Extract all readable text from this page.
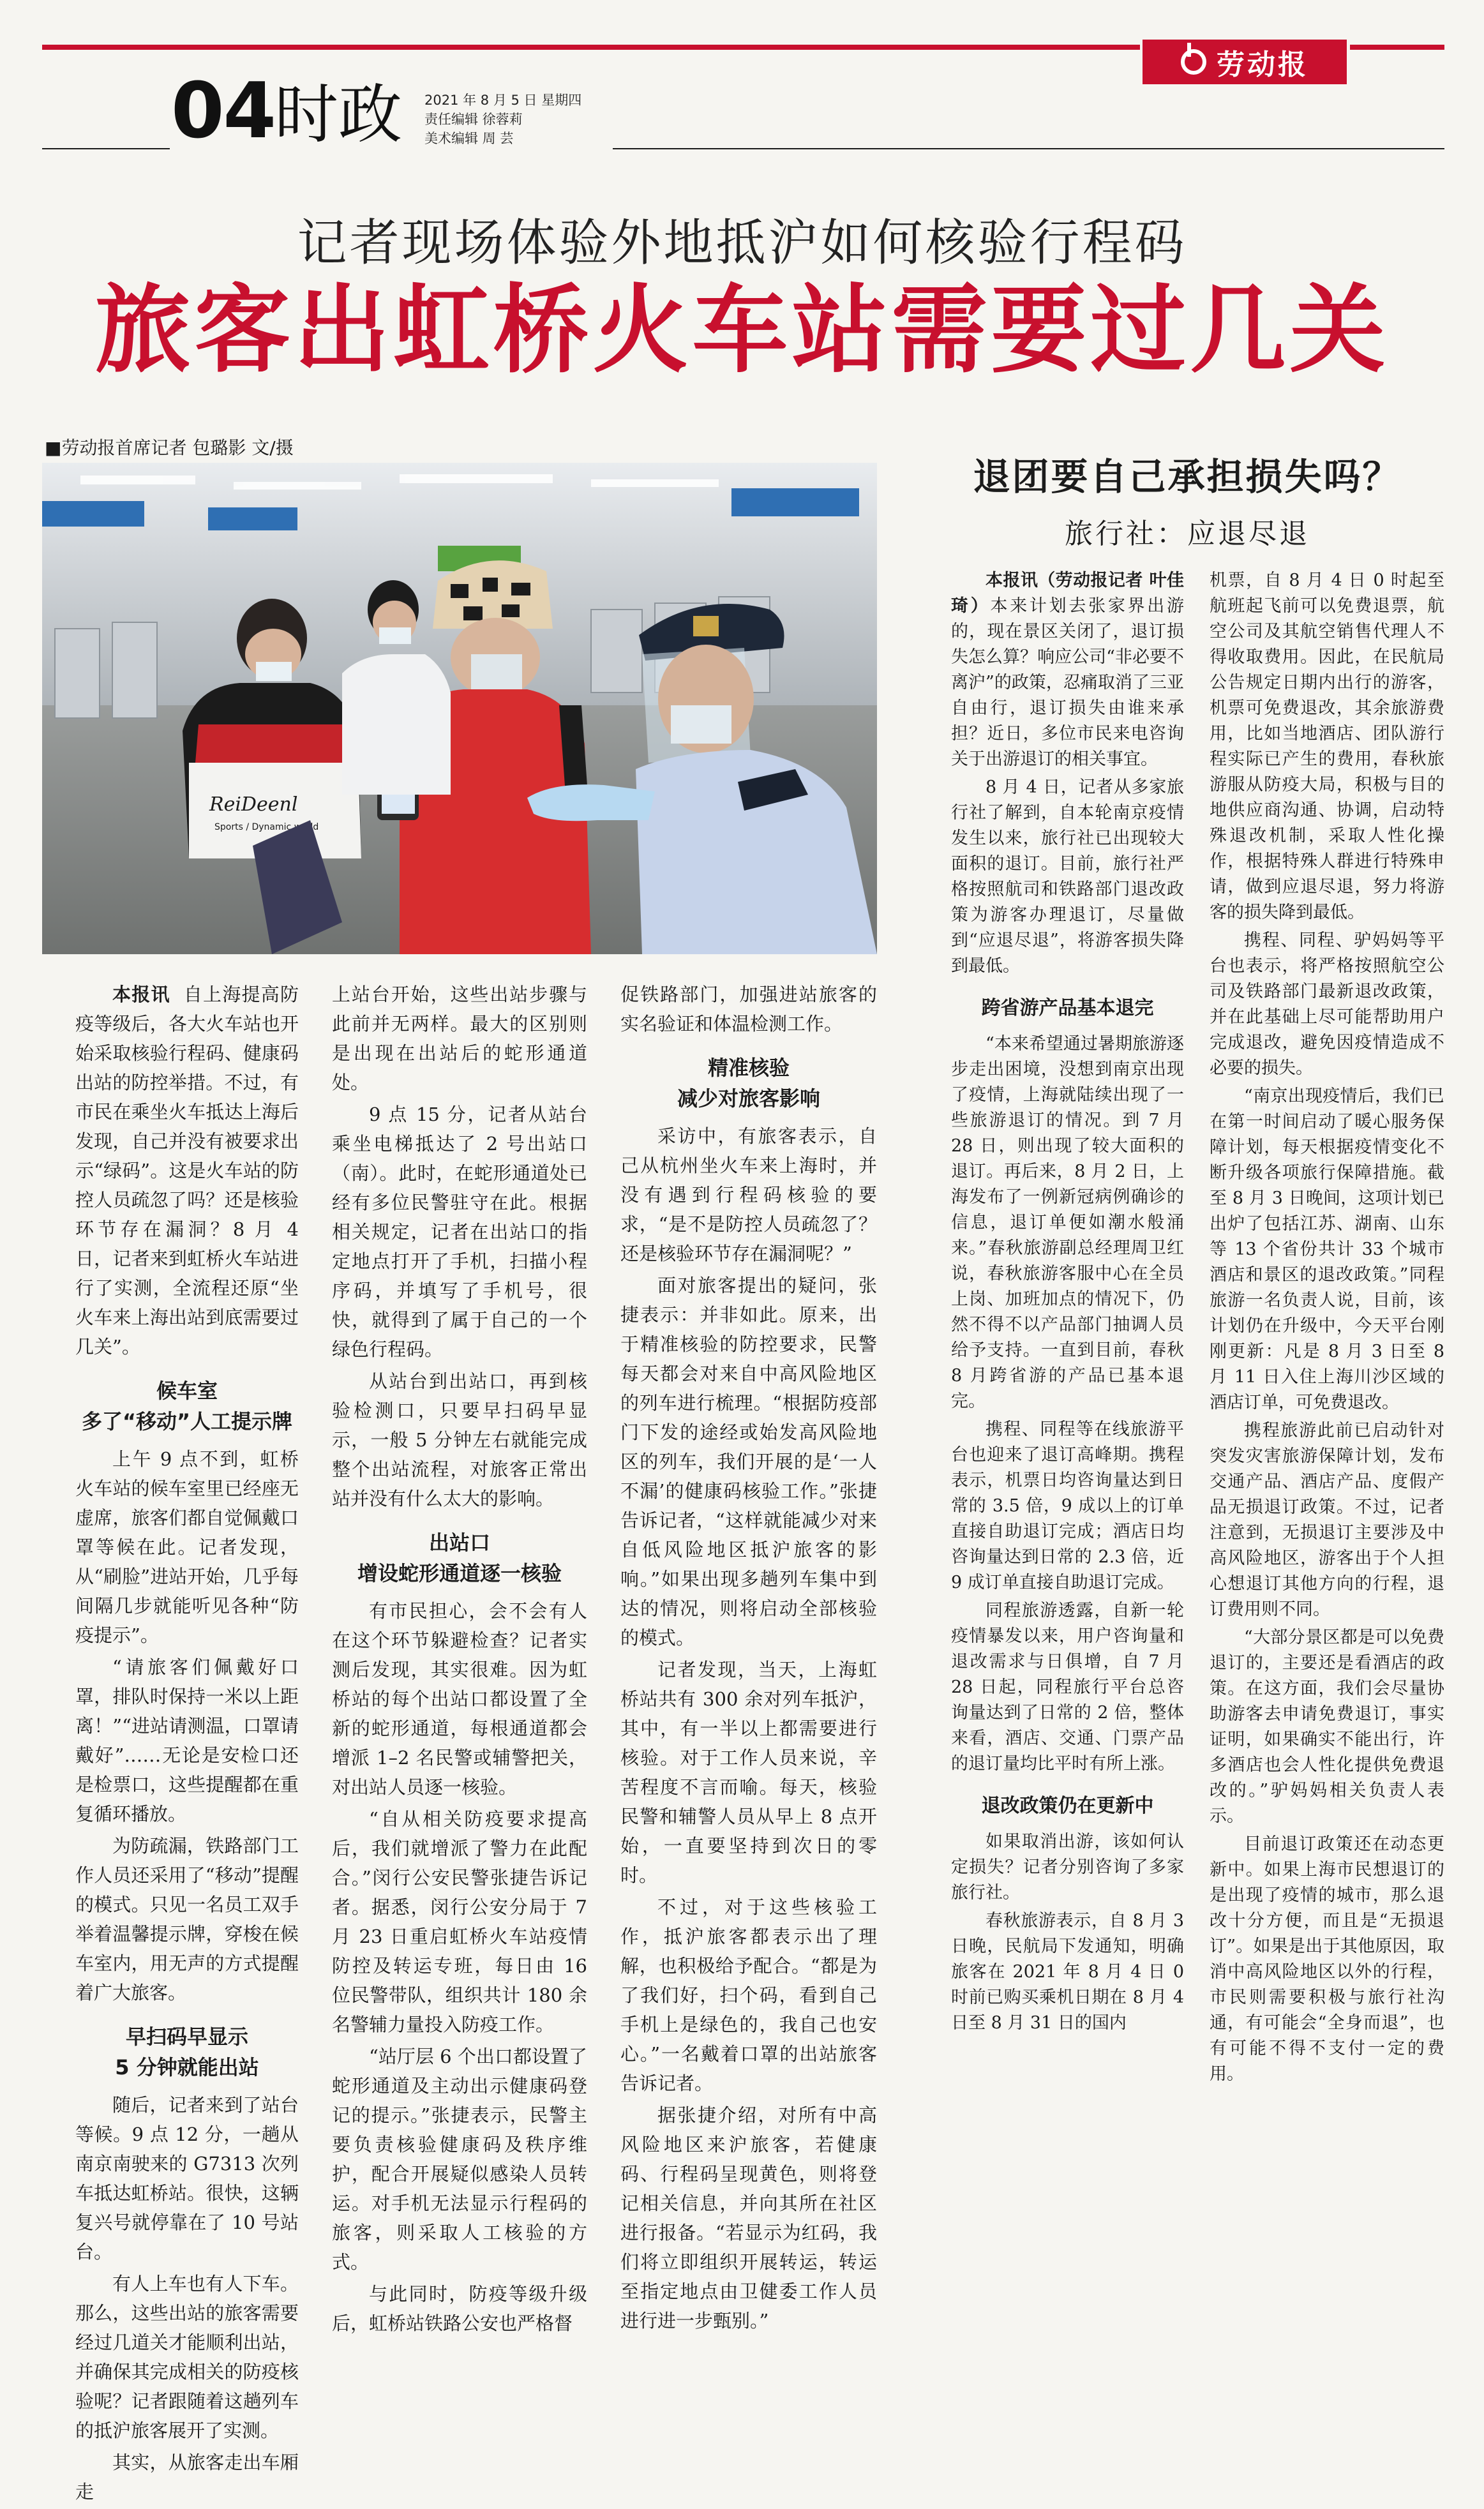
劳动报
04 时政 2021 年 8 月 5 日 星期四
责任编辑 徐蓉莉
美术编辑 周 芸
记者现场体验外地抵沪如何核验行程码
旅客出虹桥火车站需要过几关
■劳动报首席记者 包璐影 文/摄
ReiDeenl
Sports / Dynamic world

本报讯 自上海提高防疫等级后，各大火车站也开始采取核验行程码、健康码出站的防控举措。不过，有市民在乘坐火车抵达上海后发现，自己并没有被要求出示“绿码”。这是火车站的防控人员疏忽了吗？还是核验环节存在漏洞？8 月 4 日，记者来到虹桥火车站进行了实测，全流程还原“坐火车来上海出站到底需要过几关”。

候车室
多了“移动”人工提示牌

上午 9 点不到，虹桥火车站的候车室里已经座无虚席，旅客们都自觉佩戴口罩等候在此。记者发现，从“刷脸”进站开始，几乎每间隔几步就能听见各种“防疫提示”。

“请旅客们佩戴好口罩，排队时保持一米以上距离！”“进站请测温，口罩请戴好”……无论是安检口还是检票口，这些提醒都在重复循环播放。

为防疏漏，铁路部门工作人员还采用了“移动”提醒的模式。只见一名员工双手举着温馨提示牌，穿梭在候车室内，用无声的方式提醒着广大旅客。

早扫码早显示
5 分钟就能出站

随后，记者来到了站台等候。9 点 12 分，一趟从南京南驶来的 G7313 次列车抵达虹桥站。很快，这辆复兴号就停靠在了 10 号站台。

有人上车也有人下车。那么，这些出站的旅客需要经过几道关才能顺利出站，并确保其完成相关的防疫核验呢？记者跟随着这趟列车的抵沪旅客展开了实测。

其实，从旅客走出车厢走

上站台开始，这些出站步骤与此前并无两样。最大的区别则是出现在出站后的蛇形通道处。

9 点 15 分，记者从站台乘坐电梯抵达了 2 号出站口（南）。此时，在蛇形通道处已经有多位民警驻守在此。根据相关规定，记者在出站口的指定地点打开了手机，扫描小程序码，并填写了手机号，很快，就得到了属于自己的一个绿色行程码。

从站台到出站口，再到核验检测口，只要早扫码早显示，一般 5 分钟左右就能完成整个出站流程，对旅客正常出站并没有什么太大的影响。

出站口
增设蛇形通道逐一核验

有市民担心，会不会有人在这个环节躲避检查？记者实测后发现，其实很难。因为虹桥站的每个出站口都设置了全新的蛇形通道，每根通道都会增派 1–2 名民警或辅警把关，对出站人员逐一核验。

“自从相关防疫要求提高后，我们就增派了警力在此配合。”闵行公安民警张捷告诉记者。据悉，闵行公安分局于 7 月 23 日重启虹桥火车站疫情防控及转运专班，每日由 16 位民警带队，组织共计 180 余名警辅力量投入防疫工作。

“站厅层 6 个出口都设置了蛇形通道及主动出示健康码登记的提示。”张捷表示，民警主要负责核验健康码及秩序维护，配合开展疑似感染人员转运。对手机无法显示行程码的旅客，则采取人工核验的方式。

与此同时，防疫等级升级后，虹桥站铁路公安也严格督

促铁路部门，加强进站旅客的实名验证和体温检测工作。

精准核验
减少对旅客影响

采访中，有旅客表示，自己从杭州坐火车来上海时，并没有遇到行程码核验的要求，“是不是防控人员疏忽了？还是核验环节存在漏洞呢？”

面对旅客提出的疑问，张捷表示：并非如此。原来，出于精准核验的防控要求，民警每天都会对来自中高风险地区的列车进行梳理。“根据防疫部门下发的途经或始发高风险地区的列车，我们开展的是‘一人不漏’的健康码核验工作。”张捷告诉记者，“这样就能减少对来自低风险地区抵沪旅客的影响。”如果出现多趟列车集中到达的情况，则将启动全部核验的模式。

记者发现，当天，上海虹桥站共有 300 余对列车抵沪，其中，有一半以上都需要进行核验。对于工作人员来说，辛苦程度不言而喻。每天，核验民警和辅警人员从早上 8 点开始，一直要坚持到次日的零时。

不过，对于这些核验工作，抵沪旅客都表示出了理解，也积极给予配合。“都是为了我们好，扫个码，看到自己手机上是绿色的，我自己也安心。”一名戴着口罩的出站旅客告诉记者。

据张捷介绍，对所有中高风险地区来沪旅客，若健康码、行程码呈现黄色，则将登记相关信息，并向其所在社区进行报备。“若显示为红码，我们将立即组织开展转运，转运至指定地点由卫健委工作人员进行进一步甄别。”

退团要自己承担损失吗？
旅行社：应退尽退

本报讯（劳动报记者 叶佳琦）本来计划去张家界出游的，现在景区关闭了，退订损失怎么算？响应公司“非必要不离沪”的政策，忍痛取消了三亚自由行，退订损失由谁来承担？近日，多位市民来电咨询关于出游退订的相关事宜。

8 月 4 日，记者从多家旅行社了解到，自本轮南京疫情发生以来，旅行社已出现较大面积的退订。目前，旅行社严格按照航司和铁路部门退改政策为游客办理退订，尽量做到“应退尽退”，将游客损失降到最低。

跨省游产品基本退完

“本来希望通过暑期旅游逐步走出困境，没想到南京出现了疫情，上海就陆续出现了一些旅游退订的情况。到 7 月 28 日，则出现了较大面积的退订。再后来，8 月 2 日，上海发布了一例新冠病例确诊的信息，退订单便如潮水般涌来。”春秋旅游副总经理周卫红说，春秋旅游客服中心在全员上岗、加班加点的情况下，仍然不得不以产品部门抽调人员给予支持。一直到目前，春秋 8 月跨省游的产品已基本退完。

携程、同程等在线旅游平台也迎来了退订高峰期。携程表示，机票日均咨询量达到日常的 3.5 倍，9 成以上的订单直接自助退订完成；酒店日均咨询量达到日常的 2.3 倍，近 9 成订单直接自助退订完成。

同程旅游透露，自新一轮疫情暴发以来，用户咨询量和退改需求与日俱增，自 7 月 28 日起，同程旅行平台总咨询量达到了日常的 2 倍，整体来看，酒店、交通、门票产品的退订量均比平时有所上涨。

退改政策仍在更新中

如果取消出游，该如何认定损失？记者分别咨询了多家旅行社。

春秋旅游表示，自 8 月 3 日晚，民航局下发通知，明确旅客在 2021 年 8 月 4 日 0 时前已购买乘机日期在 8 月 4 日至 8 月 31 日的国内

机票，自 8 月 4 日 0 时起至航班起飞前可以免费退票，航空公司及其航空销售代理人不得收取费用。因此，在民航局公告规定日期内出行的游客，机票可免费退改，其余旅游费用，比如当地酒店、团队游行程实际已产生的费用，春秋旅游服从防疫大局，积极与目的地供应商沟通、协调，启动特殊退改机制，采取人性化操作，根据特殊人群进行特殊申请，做到应退尽退，努力将游客的损失降到最低。

携程、同程、驴妈妈等平台也表示，将严格按照航空公司及铁路部门最新退改政策，并在此基础上尽可能帮助用户完成退改，避免因疫情造成不必要的损失。

“南京出现疫情后，我们已在第一时间启动了暖心服务保障计划，每天根据疫情变化不断升级各项旅行保障措施。截至 8 月 3 日晚间，这项计划已出炉了包括江苏、湖南、山东等 13 个省份共计 33 个城市酒店和景区的退改政策。”同程旅游一名负责人说，目前，该计划仍在升级中，今天平台刚刚更新：凡是 8 月 3 日至 8 月 11 日入住上海川沙区域的酒店订单，可免费退改。

携程旅游此前已启动针对突发灾害旅游保障计划，发布交通产品、酒店产品、度假产品无损退订政策。不过，记者注意到，无损退订主要涉及中高风险地区，游客出于个人担心想退订其他方向的行程，退订费用则不同。

“大部分景区都是可以免费退订的，主要还是看酒店的政策。在这方面，我们会尽量协助游客去申请免费退订，事实证明，如果确实不能出行，许多酒店也会人性化提供免费退改的。”驴妈妈相关负责人表示。

目前退订政策还在动态更新中。如果上海市民想退订的是出现了疫情的城市，那么退改十分方便，而且是“无损退订”。如果是出于其他原因，取消中高风险地区以外的行程，市民则需要积极与旅行社沟通，有可能会“全身而退”，也有可能不得不支付一定的费用。
